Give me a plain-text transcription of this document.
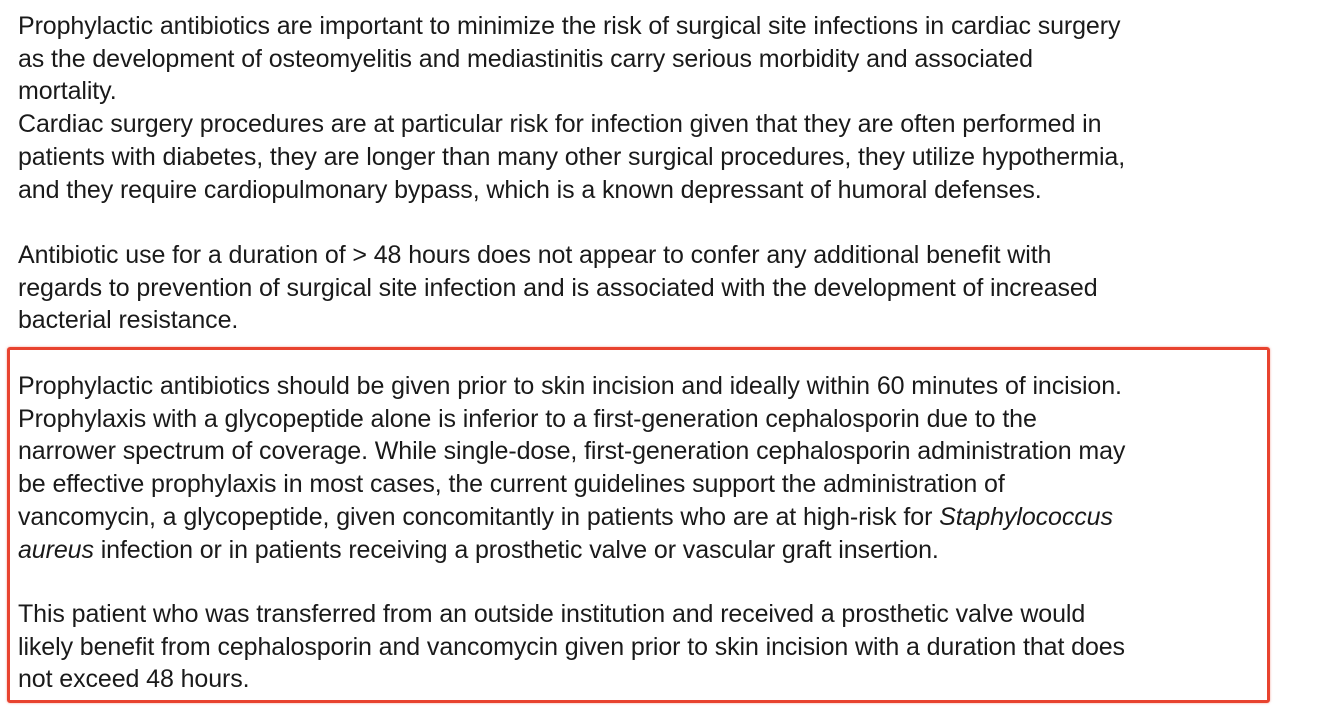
Prophylactic antibiotics are important to minimize the risk of surgical site infections in cardiac surgery
as the development of osteomyelitis and mediastinitis carry serious morbidity and associated
mortality.
Cardiac surgery procedures are at particular risk for infection given that they are often performed in
patients with diabetes, they are longer than many other surgical procedures, they utilize hypothermia,
and they require cardiopulmonary bypass, which is a known depressant of humoral defenses.
Antibiotic use for a duration of > 48 hours does not appear to confer any additional benefit with
regards to prevention of surgical site infection and is associated with the development of increased
bacterial resistance.
Prophylactic antibiotics should be given prior to skin incision and ideally within 60 minutes of incision.
Prophylaxis with a glycopeptide alone is inferior to a first-generation cephalosporin due to the
narrower spectrum of coverage. While single-dose, first-generation cephalosporin administration may
be effective prophylaxis in most cases, the current guidelines support the administration of
vancomycin, a glycopeptide, given concomitantly in patients who are at high-risk for Staphylococcus
aureus infection or in patients receiving a prosthetic valve or vascular graft insertion.
This patient who was transferred from an outside institution and received a prosthetic valve would
likely benefit from cephalosporin and vancomycin given prior to skin incision with a duration that does
not exceed 48 hours.
